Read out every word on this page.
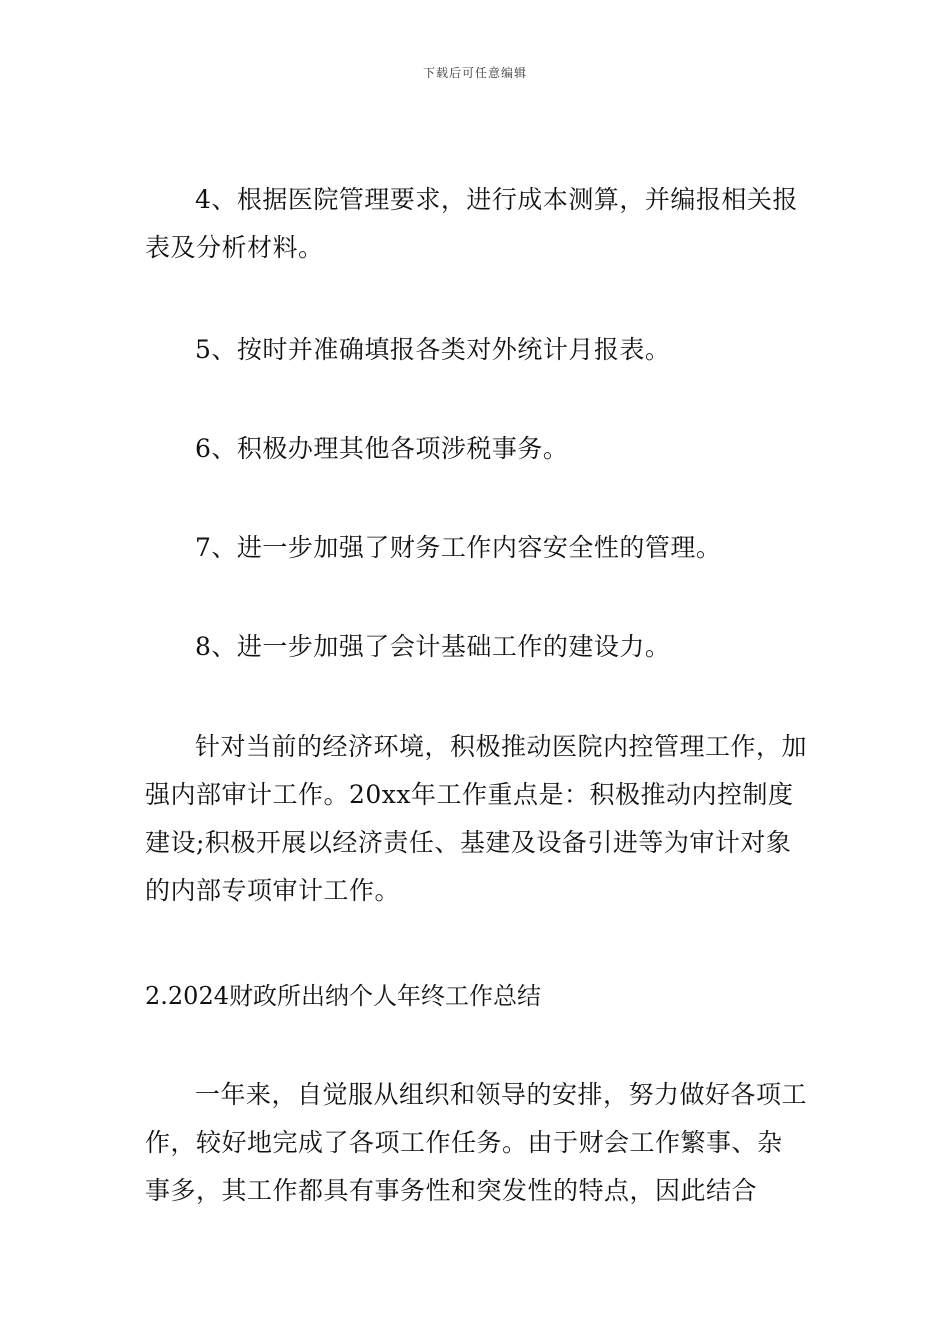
下载后可任意编辑

4、根据医院管理要求，进行成本测算，并编报相关报表及分析材料。

5、按时并准确填报各类对外统计月报表。

6、积极办理其他各项涉税事务。

7、进一步加强了财务工作内容安全性的管理。

8、进一步加强了会计基础工作的建设力。

针对当前的经济环境，积极推动医院内控管理工作，加强内部审计工作。20xx年工作重点是：积极推动内控制度建设;积极开展以经济责任、基建及设备引进等为审计对象的内部专项审计工作。

2.2024财政所出纳个人年终工作总结

一年来，自觉服从组织和领导的安排，努力做好各项工作，较好地完成了各项工作任务。由于财会工作繁事、杂事多，其工作都具有事务性和突发性的特点，因此结合
